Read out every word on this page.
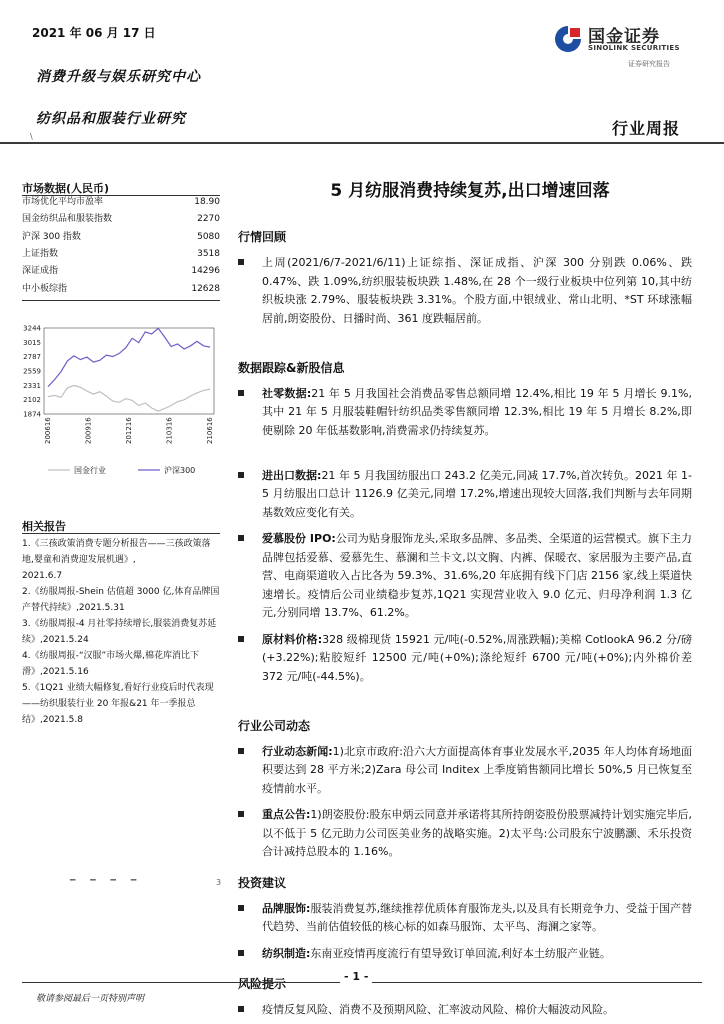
2021 年 06 月 17 日
消费升级与娱乐研究中心
纺织品和服装行业研究
\
国金证券
SINOLINK SECURITIES
证券研究报告
行业周报
市场数据(人民币)
市场优化平均市盈率	18.90
国金纺织品和服装指数	2270
沪深 300 指数	5080
上证指数	3518
深证成指	14296
中小板综指	12628
3244
3015
2787
2559
2331
2102
1874
200616	200916	201216	210316	210616
国金行业	沪深300
相关报告
1.《三孩政策消费专题分析报告——三孩政策落地,婴童和消费迎发展机遇》,
2021.6.7
2.《纺服周报-Shein 估值超 3000 亿,体育品牌国产替代持续》,2021.5.31
3.《纺服周报-4 月社零持续增长,服装消费复苏延续》,2021.5.24
4.《纺服周报-“汉服”市场火爆,棉花库消比下滑》,2021.5.16
5.《1Q21 业绩大幅修复,看好行业疫后时代表现——纺织服装行业 20 年报&21 年一季报总结》,2021.5.8
5 月纺服消费持续复苏,出口增速回落
行情回顾
上周(2021/6/7-2021/6/11)上证综指、深证成指、沪深 300 分别跌 0.06%、跌 0.47%、跌 1.09%,纺织服装板块跌 1.48%,在 28 个一级行业板块中位列第 10,其中纺织板块涨 2.79%、服装板块跌 3.31%。个股方面,中银绒业、常山北明、*ST 环球涨幅居前,朗姿股份、日播时尚、361 度跌幅居前。
数据跟踪&新股信息
社零数据:21 年 5 月我国社会消费品零售总额同增 12.4%,相比 19 年 5 月增长 9.1%,其中 21 年 5 月服装鞋帽针纺织品类零售额同增 12.3%,相比 19 年 5 月增长 8.2%,即使剔除 20 年低基数影响,消费需求仍持续复苏。
进出口数据:21 年 5 月我国纺服出口 243.2 亿美元,同减 17.7%,首次转负。2021 年 1-5 月纺服出口总计 1126.9 亿美元,同增 17.2%,增速出现较大回落,我们判断与去年同期基数效应变化有关。
爱慕股份 IPO:公司为贴身服饰龙头,采取多品牌、多品类、全渠道的运营模式。旗下主力品牌包括爱慕、爱慕先生、慕澜和兰卡文,以文胸、内裤、保暖衣、家居服为主要产品,直营、电商渠道收入占比各为 59.3%、31.6%,20 年底拥有线下门店 2156 家,线上渠道快速增长。疫情后公司业绩稳步复苏,1Q21 实现营业收入 9.0 亿元、归母净利润 1.3 亿元,分别同增 13.7%、61.2%。
原材料价格:328 级棉现货 15921 元/吨(-0.52%,周涨跌幅);美棉 CotlookA 96.2 分/磅(+3.22%);粘胶短纤 12500 元/吨(+0%);涤纶短纤 6700 元/吨(+0%);内外棉价差 372 元/吨(-44.5%)。
行业公司动态
行业动态新闻:1)北京市政府:沿六大方面提高体育事业发展水平,2035 年人均体育场地面积要达到 28 平方米;2)Zara 母公司 Inditex 上季度销售额同比增长 50%,5 月已恢复至疫情前水平。
重点公告:1)朗姿股份:股东申炳云同意并承诺将其所持朗姿股份股票减持计划实施完毕后,以不低于 5 亿元助力公司医美业务的战略实施。2)太平鸟:公司股东宁波鹏灏、禾乐投资合计减持总股本的 1.16%。
投资建议
品牌服饰:服装消费复苏,继续推荐优质体育服饰龙头,以及具有长期竞争力、受益于国产替代趋势、当前估值较低的核心标的如森马服饰、太平鸟、海澜之家等。
纺织制造:东南亚疫情再度流行有望导致订单回流,利好本土纺服产业链。
风险提示
疫情反复风险、消费不及预期风险、汇率波动风险、棉价大幅波动风险。
━ ━ ━ ━	3
- 1 -
敬请参阅最后一页特别声明
